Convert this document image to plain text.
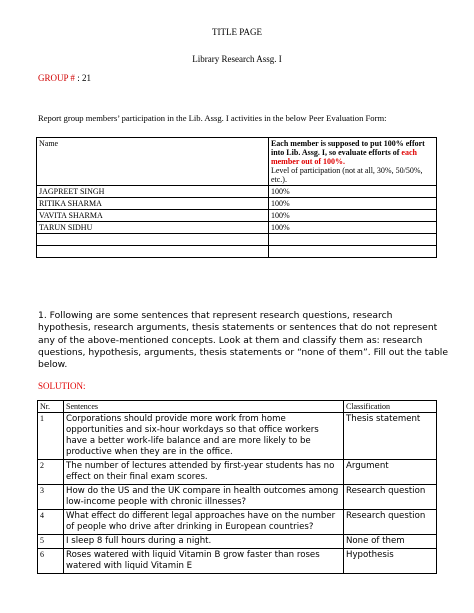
TITLE PAGE
Library Research Assg. I
GROUP # : 21
Report group members’ participation in the Lib. Assg. I activities in the below Peer Evaluation Form:
Name	Each member is supposed to put 100% effort into Lib. Assg. I, so evaluate efforts of each member out of 100%.
Level of participation (not at all, 30%, 50/50%, etc.).
JAGPREET SINGH	100%
RITIKA SHARMA	100%
VAVITA SHARMA	100%
TARUN SIDHU	100%

1. Following are some sentences that represent research questions, research hypothesis, research arguments, thesis statements or sentences that do not represent any of the above-mentioned concepts. Look at them and classify them as: research questions, hypothesis, arguments, thesis statements or “none of them”. Fill out the table below.
SOLUTION:
Nr.	Sentences	Classification
1	Corporations should provide more work from home opportunities and six-hour workdays so that office workers have a better work-life balance and are more likely to be productive when they are in the office.	Thesis statement
2	The number of lectures attended by first-year students has no effect on their final exam scores.	Argument
3	How do the US and the UK compare in health outcomes among low-income people with chronic illnesses?	Research question
4	What effect do different legal approaches have on the number of people who drive after drinking in European countries?	Research question
5	I sleep 8 full hours during a night.	None of them
6	Roses watered with liquid Vitamin B grow faster than roses watered with liquid Vitamin E	Hypothesis
